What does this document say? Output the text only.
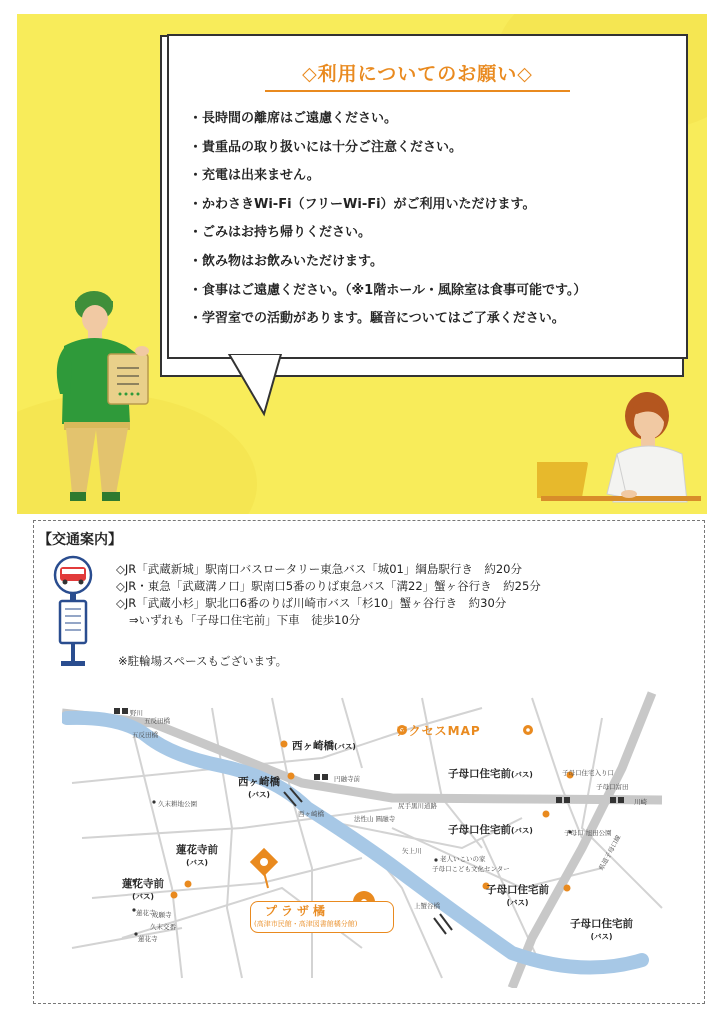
◇利用についてのお願い◇
・ 長時間の離席はご遠慮ください。
・ 貴重品の取り扱いには十分ご注意ください。
・ 充電は出来ません。
・ かわさきWi-Fi（フリーWi-Fi）がご利用いただけます。
・ ごみはお持ち帰りください。
・ 飲み物はお飲みいただけます。
・ 食事はご遠慮ください。（※1階ホール・風除室は食事可能です。）
・ 学習室での活動があります。騒音についてはご了承ください。
【交通案内】
◇JR「武蔵新城」駅南口バスロータリー東急バス「城01」綱島駅行き　約20分
◇JR・東急「武蔵溝ノ口」駅南口5番のりば東急バス「溝22」蟹ヶ谷行き　約25分
◇JR「武蔵小杉」駅北口6番のりば川崎市バス「杉10」蟹ヶ谷行き　約30分
⇒いずれも「子母口住宅前」下車　徒歩10分
※駐輪場スペースもございます。
アクセスMAP
西ヶ崎橋(バス)
西ヶ崎橋
(バス)
子母口住宅前(バス)
子母口住宅前(バス)
子母口住宅前
(バス)
子母口住宅前
(バス)
蓮花寺前
(バス)
蓮花寺前
(バス)
野川
五反田橋
五反田橋
円融寺前
久末耕地公園	尻手黒川道路
法性山 圓融寺
西ヶ崎橋
子母口住宅入り口
子母口富田
川崎
子母口 旭田公園
老人いこいの家
子母口こども文化センター
矢上川
上蟹谷橋
県道子母口線
蓮花寺
成願寺
久末交番
蓮花寺
プラザ橘
(高津市民館・高津図書館橘分館)
